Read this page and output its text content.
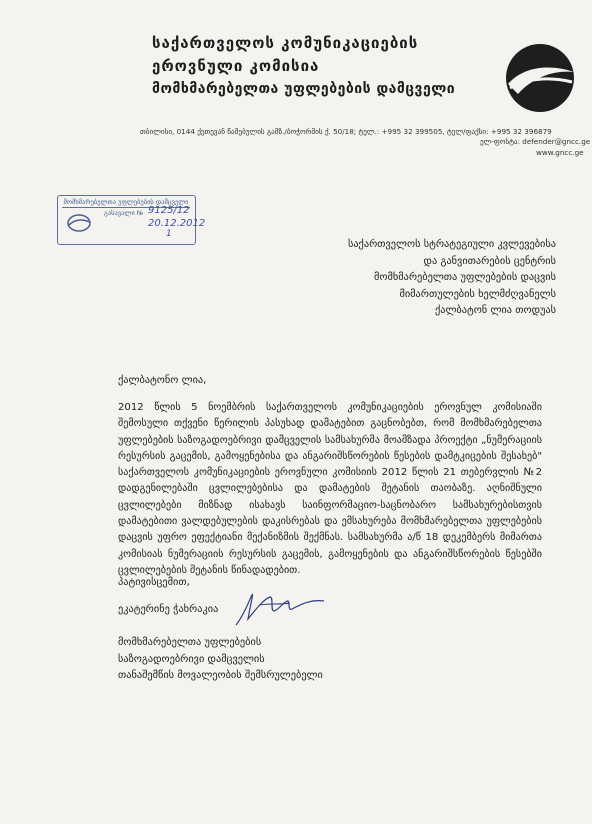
საქართველოს კომუნიკაციების
ეროვნული კომისია
მომხმარებელთა უფლებების დამცველი
თბილისი, 0144 ქეთევან წამებულის გამზ./ბოჭორმის ქ. 50/18; ტელ.: +995 32 399505, ტელ/ფაქსი: +995 32 396879
ელ-ფოსტა: defender@gncc.ge
www.gncc.ge
მომხმარებელთა უფლებების დამცველი
გასავალი № 9125/12
20.12.2012
1
საქართველოს სტრატეგიული კვლევებისა
და განვითარების ცენტრის
მომხმარებელთა უფლებების დაცვის
მიმართულების ხელმძღვანელს
ქალბატონ ლია თოდუას
ქალბატონო ლია,
2012 წლის 5 ნოემბრის საქართველოს კომუნიკაციების ეროვნულ კომისიაში შემოსული თქვენი წერილის პასუხად დამატებით გაცნობებთ, რომ მომხმარებელთა უფლებების საზოგადოებრივი დამცველის სამსახურმა მოამზადა პროექტი „ნუმერაციის რესურსის გაცემის, გამოყენებისა და ანგარიშსწორების წესების დამტკიცების შესახებ" საქართველოს კომუნიკაციების ეროვნული კომისიის 2012 წლის 21 თებერვლის №2 დადგენილებაში ცვლილებებისა და დამატების შეტანის თაობაზე. აღნიშნული ცვლილებები მიზნად ისახავს საინფორმაციო-საცნობარო სამსახურებისთვის დამატებითი ვალდებულების დაკისრებას და ემსახურება მომხმარებელთა უფლებების დაცვის უფრო ეფექტიანი მექანიზმის შექმნას. სამსახურმა ა/წ 18 დეკემბერს მიმართა კომისიას ნუმერაციის რესურსის გაცემის, გამოყენების და ანგარიშსწორების წესებში ცვლილებების შეტანის წინადადებით.
პატივისცემით,
ეკატერინე ჭახრაკია
მომხმარებელთა უფლებების
საზოგადოებრივი დამცველის
თანაშემწის მოვალეობის შემსრულებელი
